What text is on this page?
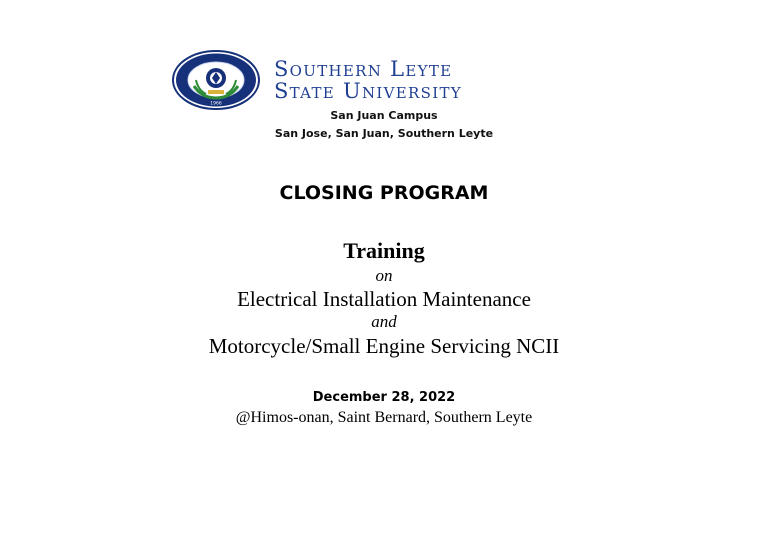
1966
Southern Leyte
State University
San Juan Campus
San Jose, San Juan, Southern Leyte
CLOSING PROGRAM
Training
on
Electrical Installation Maintenance
and
Motorcycle/Small Engine Servicing NCII
December 28, 2022
@Himos-onan, Saint Bernard, Southern Leyte
